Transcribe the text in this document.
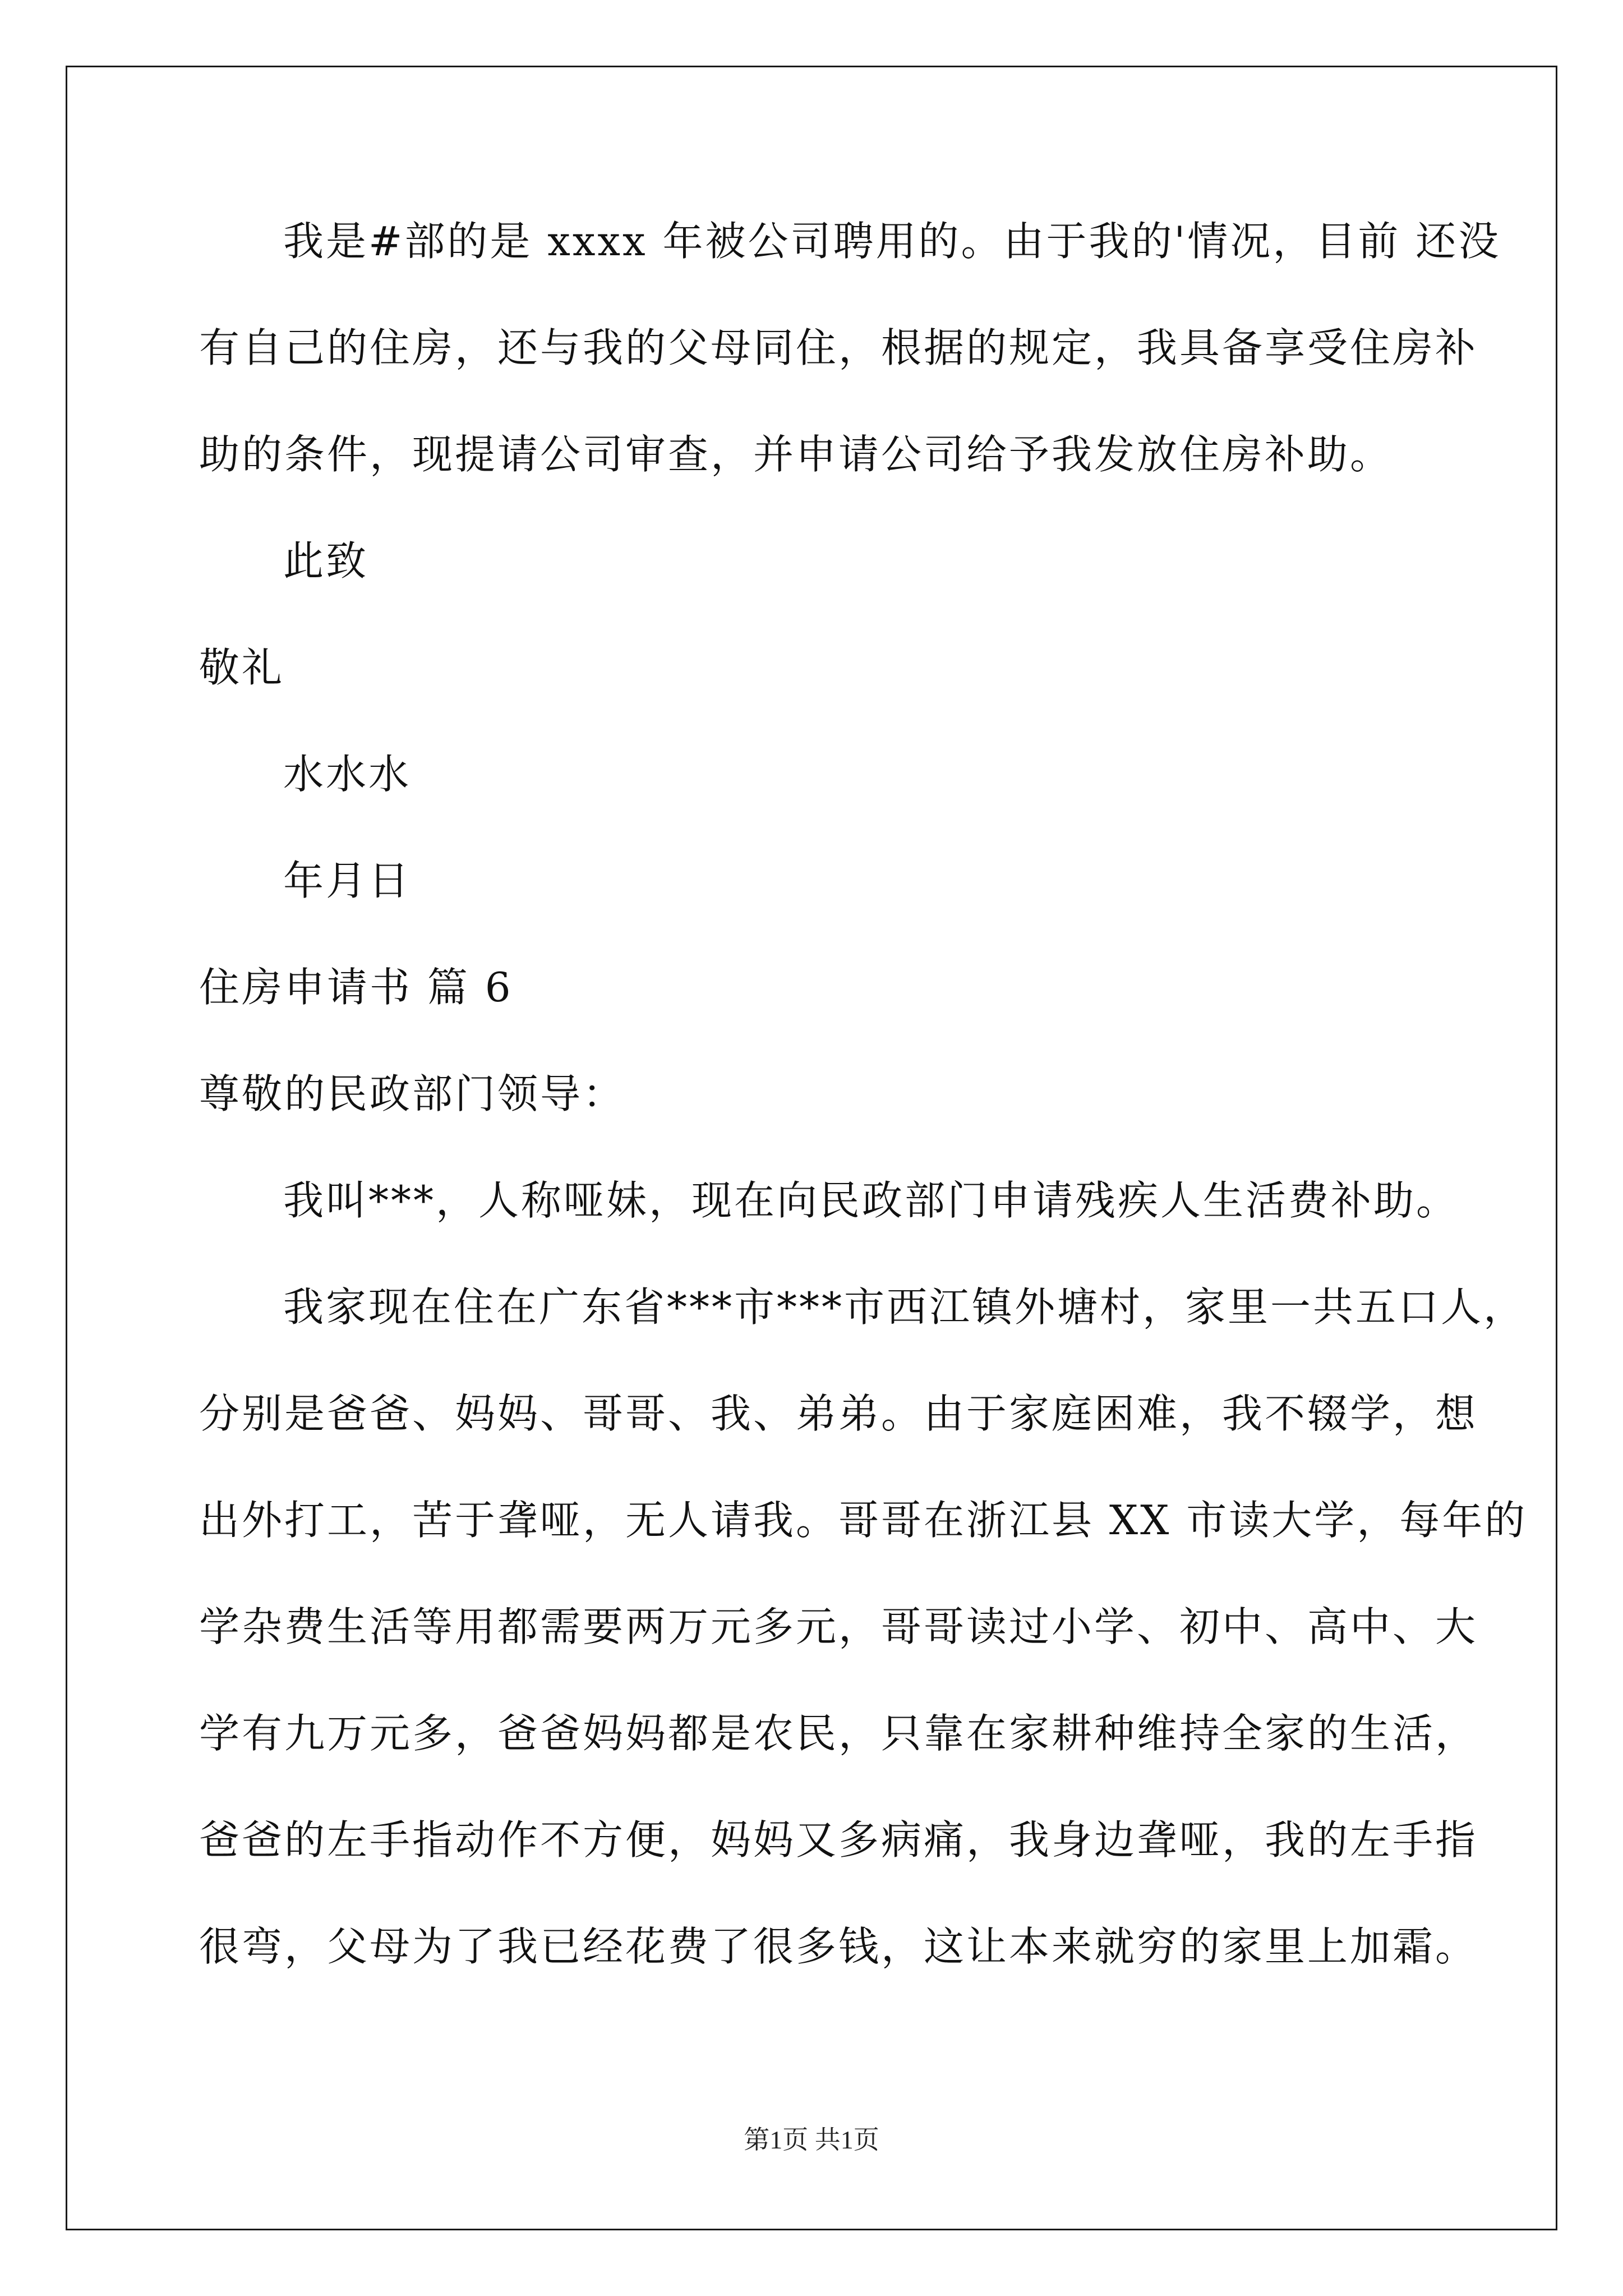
我是#部的是 xxxx 年被公司聘用的。由于我的'情况，目前 还没
有自己的住房，还与我的父母同住，根据的规定，我具备享受住房补
助的条件，现提请公司审查，并申请公司给予我发放住房补助。
此致
敬礼
水水水
年月日
住房申请书 篇 6
尊敬的民政部门领导：
我叫***，人称哑妹，现在向民政部门申请残疾人生活费补助。
我家现在住在广东省***市***市西江镇外塘村，家里一共五口人，
分别是爸爸、妈妈、哥哥、我、弟弟。由于家庭困难，我不辍学，想
出外打工，苦于聋哑，无人请我。哥哥在浙江县 XX 市读大学，每年的
学杂费生活等用都需要两万元多元，哥哥读过小学、初中、高中、大
学有九万元多，爸爸妈妈都是农民，只靠在家耕种维持全家的生活，
爸爸的左手指动作不方便，妈妈又多病痛，我身边聋哑，我的左手指
很弯，父母为了我已经花费了很多钱，这让本来就穷的家里上加霜。
第1页 共1页
